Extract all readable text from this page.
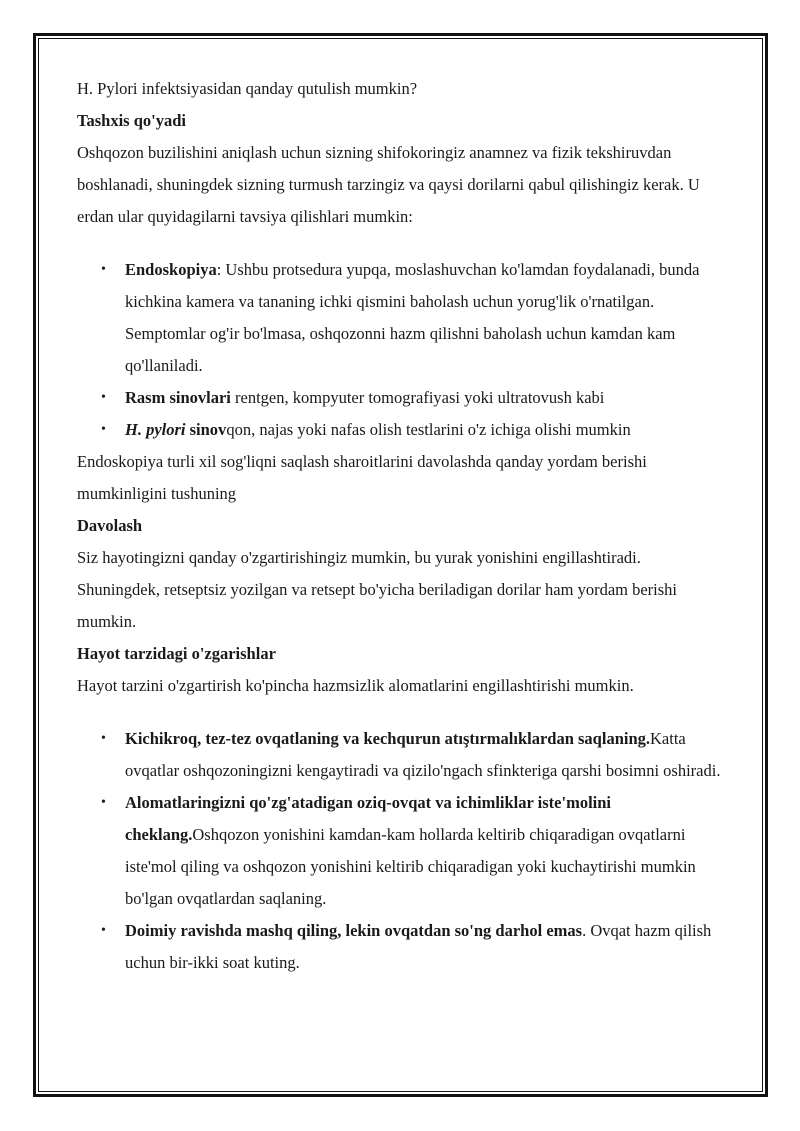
H. Pylori infektsiyasidan qanday qutulish mumkin?

Tashxis qo'yadi

Oshqozon buzilishini aniqlash uchun sizning shifokoringiz anamnez va fizik tekshiruvdan boshlanadi, shuningdek sizning turmush tarzingiz va qaysi dorilarni qabul qilishingiz kerak. U erdan ular quyidagilarni tavsiya qilishlari mumkin:

• Endoskopiya: Ushbu protsedura yupqa, moslashuvchan ko'lamdan foydalanadi, bunda kichkina kamera va tananing ichki qismini baholash uchun yorug'lik o'rnatilgan. Semptomlar og'ir bo'lmasa, oshqozonni hazm qilishni baholash uchun kamdan kam qo'llaniladi.
• Rasm sinovlari rentgen, kompyuter tomografiyasi yoki ultratovush kabi
• H. pylori sinovqon, najas yoki nafas olish testlarini o'z ichiga olishi mumkin

Endoskopiya turli xil sog'liqni saqlash sharoitlarini davolashda qanday yordam berishi mumkinligini tushuning

Davolash

Siz hayotingizni qanday o'zgartirishingiz mumkin, bu yurak yonishini engillashtiradi. Shuningdek, retseptsiz yozilgan va retsept bo'yicha beriladigan dorilar ham yordam berishi mumkin.

Hayot tarzidagi o'zgarishlar

Hayot tarzini o'zgartirish ko'pincha hazmsizlik alomatlarini engillashtirishi mumkin.

• Kichikroq, tez-tez ovqatlaning va kechqurun atıştırmalıklardan saqlaning.Katta ovqatlar oshqozoningizni kengaytiradi va qizilo'ngach sfinkteriga qarshi bosimni oshiradi.
• Alomatlaringizni qo'zg'atadigan oziq-ovqat va ichimliklar iste'molini cheklang.Oshqozon yonishini kamdan-kam hollarda keltirib chiqaradigan ovqatlarni iste'mol qiling va oshqozon yonishini keltirib chiqaradigan yoki kuchaytirishi mumkin bo'lgan ovqatlardan saqlaning.
• Doimiy ravishda mashq qiling, lekin ovqatdan so'ng darhol emas. Ovqat hazm qilish uchun bir-ikki soat kuting.
